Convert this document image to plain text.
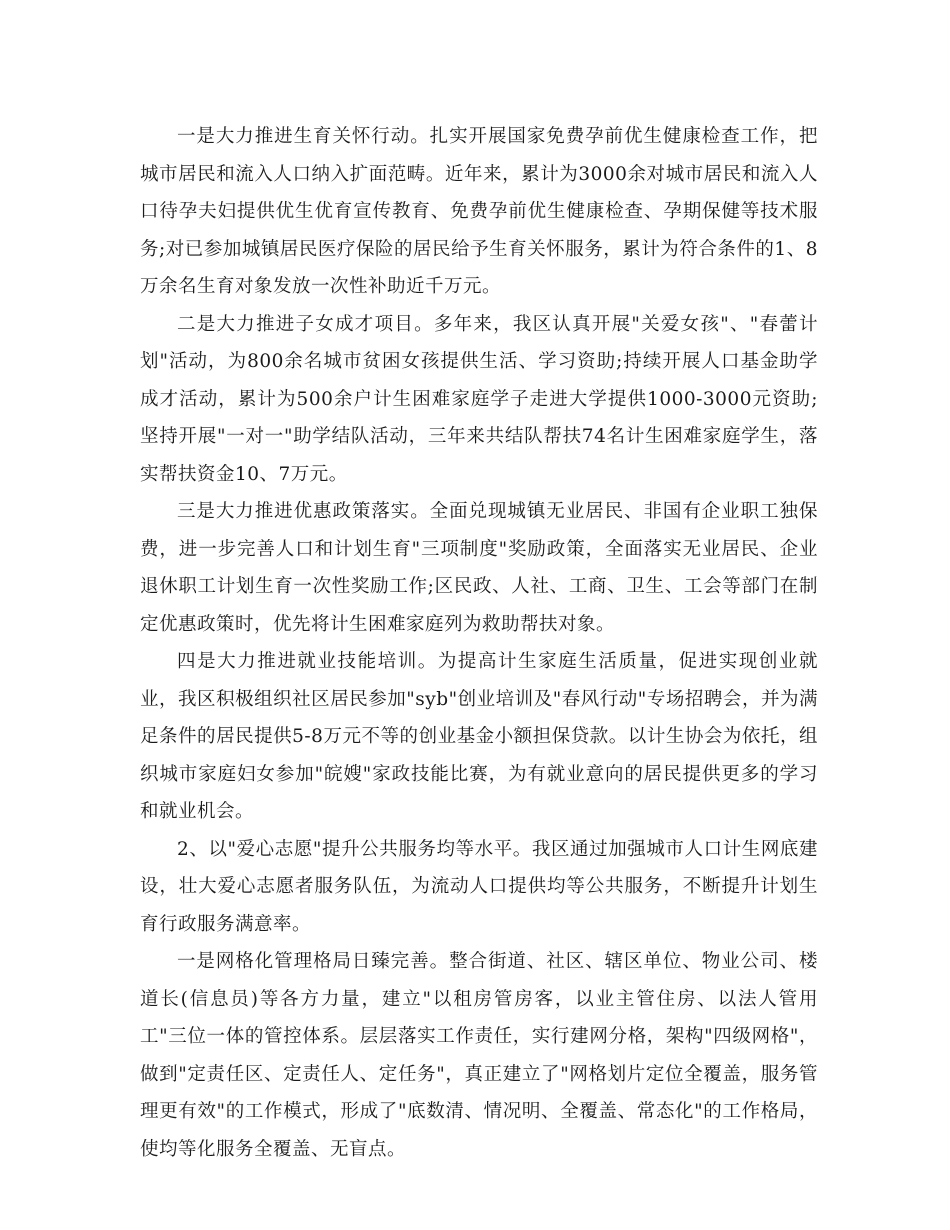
一是大力推进生育关怀行动。扎实开展国家免费孕前优生健康检查工作，把城市居民和流入人口纳入扩面范畴。近年来，累计为3000余对城市居民和流入人口待孕夫妇提供优生优育宣传教育、免费孕前优生健康检查、孕期保健等技术服务;对已参加城镇居民医疗保险的居民给予生育关怀服务，累计为符合条件的1、8万余名生育对象发放一次性补助近千万元。

二是大力推进子女成才项目。多年来，我区认真开展"关爱女孩"、"春蕾计划"活动，为800余名城市贫困女孩提供生活、学习资助;持续开展人口基金助学成才活动，累计为500余户计生困难家庭学子走进大学提供1000-3000元资助;坚持开展"一对一"助学结队活动，三年来共结队帮扶74名计生困难家庭学生，落实帮扶资金10、7万元。

三是大力推进优惠政策落实。全面兑现城镇无业居民、非国有企业职工独保费，进一步完善人口和计划生育"三项制度"奖励政策，全面落实无业居民、企业退休职工计划生育一次性奖励工作;区民政、人社、工商、卫生、工会等部门在制定优惠政策时，优先将计生困难家庭列为救助帮扶对象。

四是大力推进就业技能培训。为提高计生家庭生活质量，促进实现创业就业，我区积极组织社区居民参加"syb"创业培训及"春风行动"专场招聘会，并为满足条件的居民提供5-8万元不等的创业基金小额担保贷款。以计生协会为依托，组织城市家庭妇女参加"皖嫂"家政技能比赛，为有就业意向的居民提供更多的学习和就业机会。

2、以"爱心志愿"提升公共服务均等水平。我区通过加强城市人口计生网底建设，壮大爱心志愿者服务队伍，为流动人口提供均等公共服务，不断提升计划生育行政服务满意率。

一是网格化管理格局日臻完善。整合街道、社区、辖区单位、物业公司、楼道长(信息员)等各方力量，建立"以租房管房客，以业主管住房、以法人管用工"三位一体的管控体系。层层落实工作责任，实行建网分格，架构"四级网格"，做到"定责任区、定责任人、定任务"，真正建立了"网格划片定位全覆盖，服务管理更有效"的工作模式，形成了"底数清、情况明、全覆盖、常态化"的工作格局，使均等化服务全覆盖、无盲点。
